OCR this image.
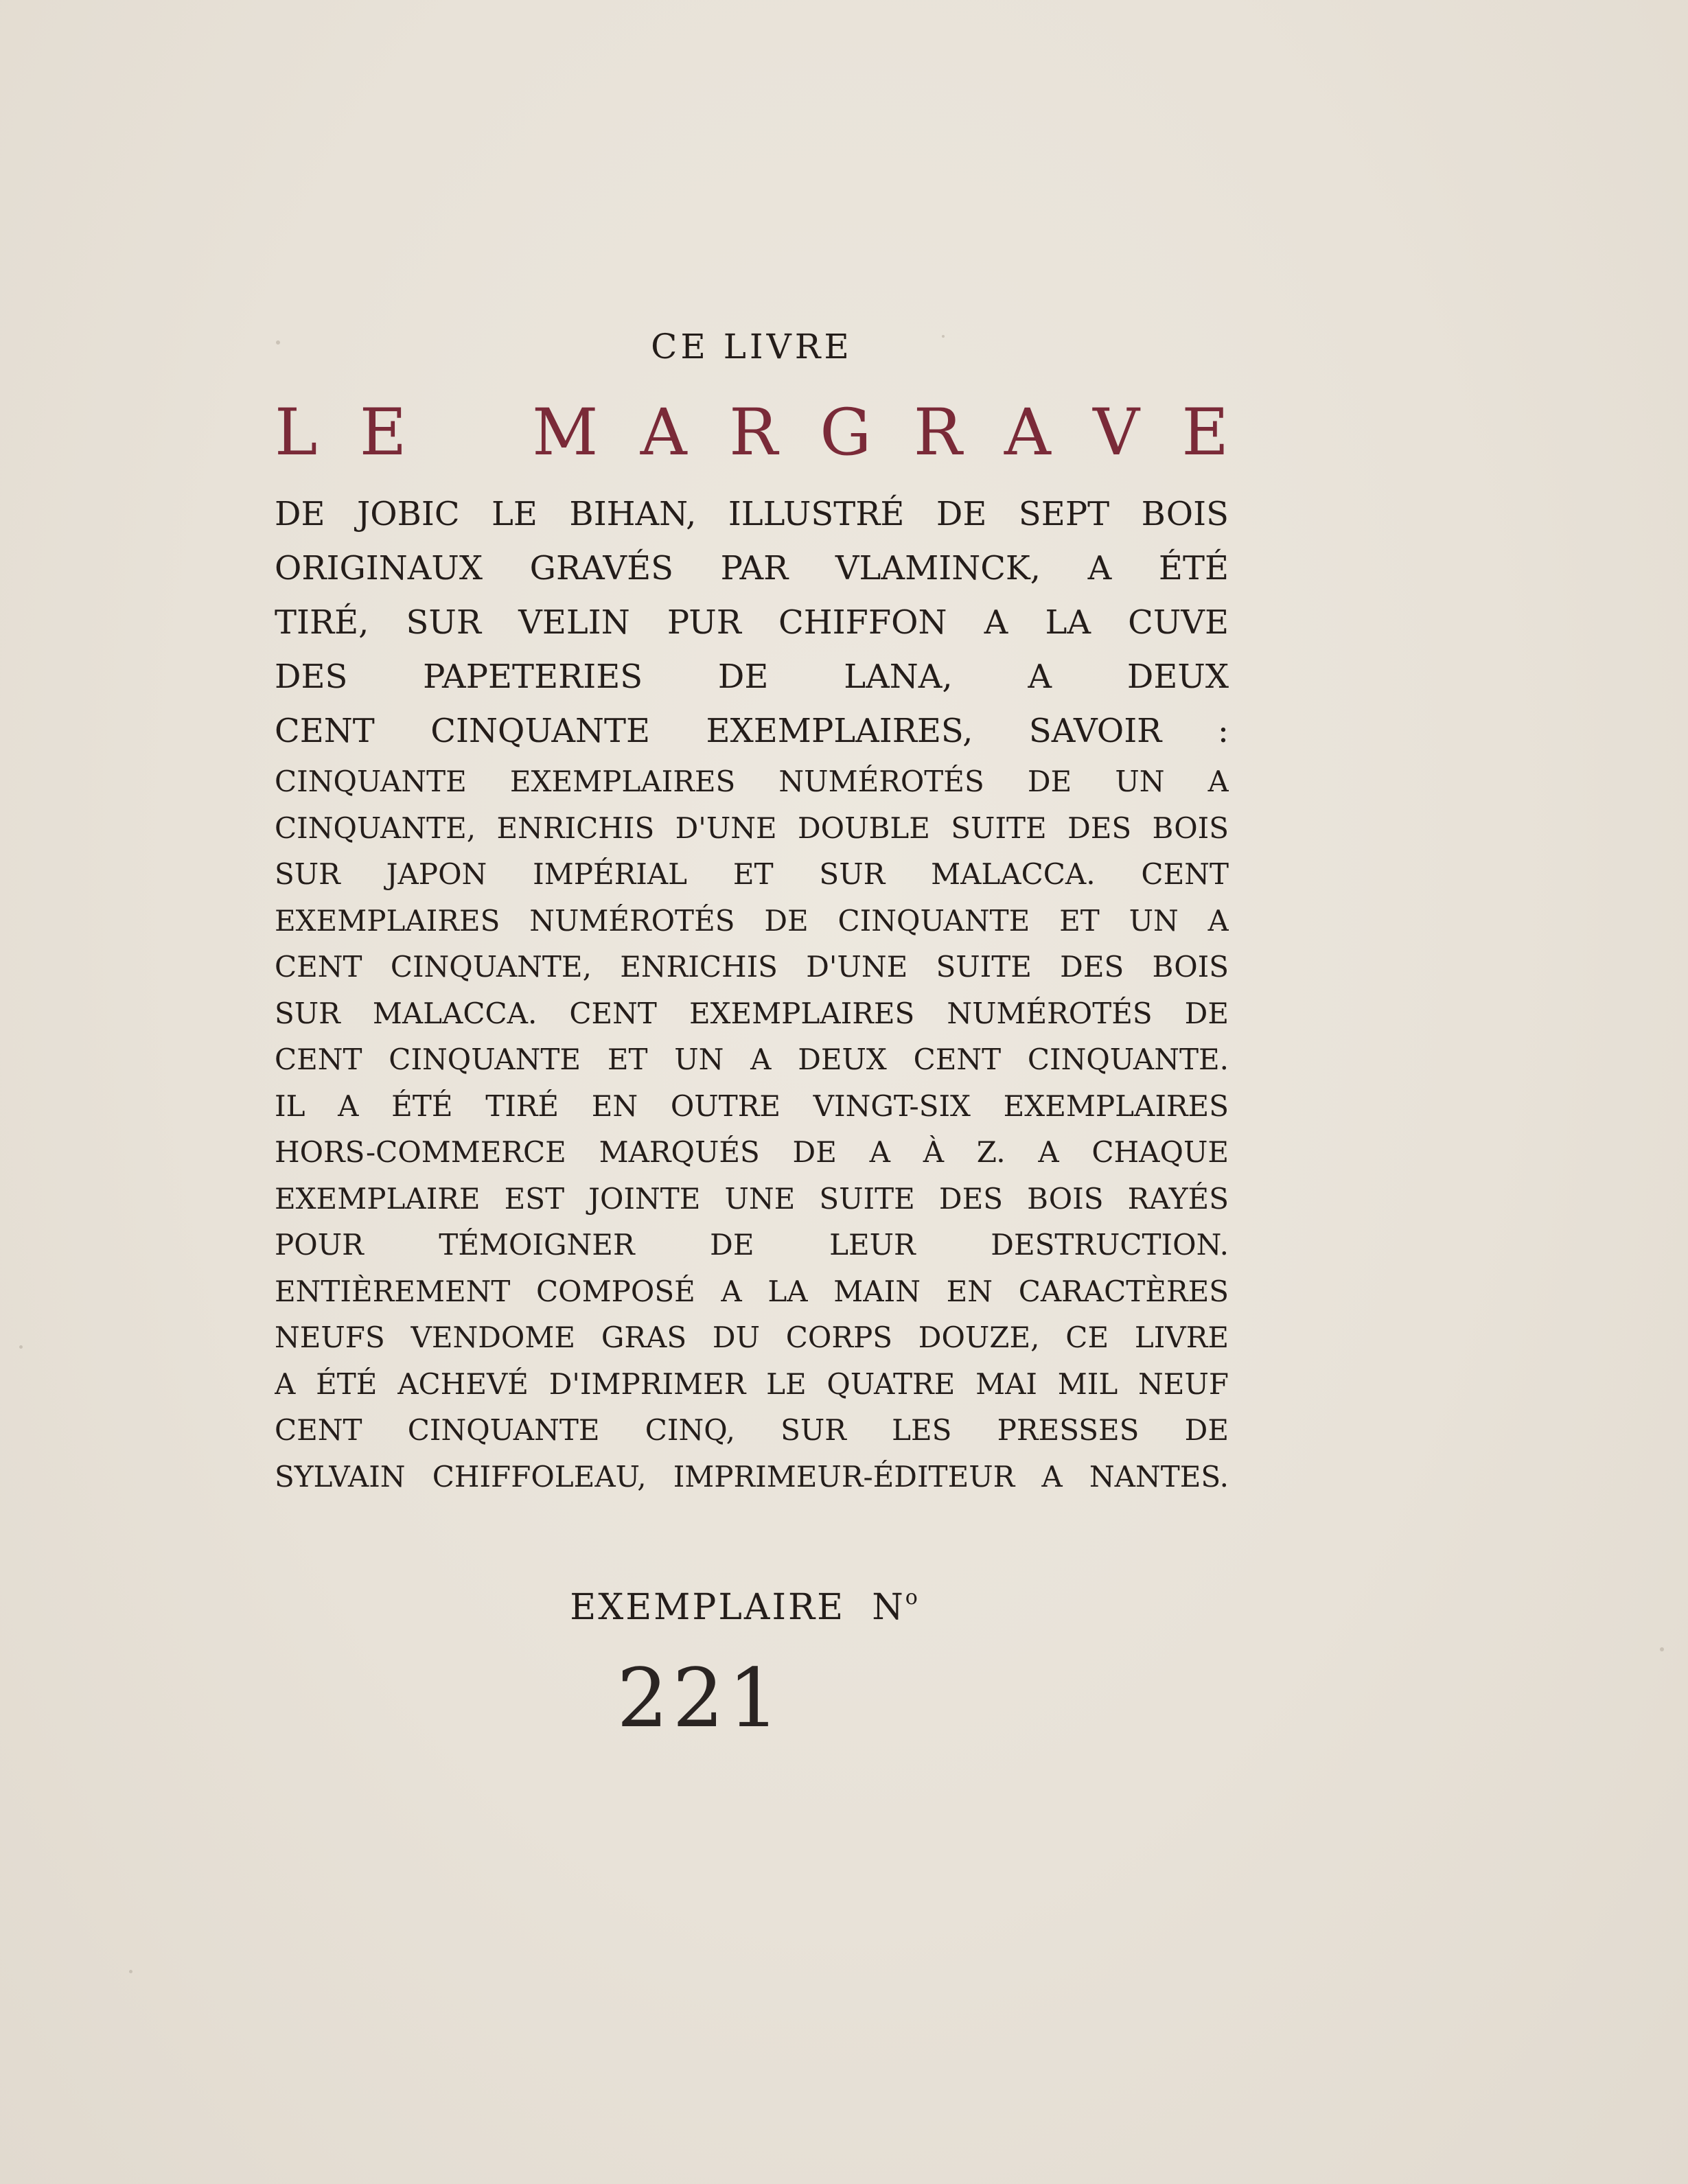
CE LIVRE
L E M A R G R A V E
DE JOBIC LE BIHAN, ILLUSTRÉ DE SEPT BOIS
ORIGINAUX GRAVÉS PAR VLAMINCK, A ÉTÉ
TIRÉ, SUR VELIN PUR CHIFFON A LA CUVE
DES PAPETERIES DE LANA, A DEUX
CENT CINQUANTE EXEMPLAIRES, SAVOIR :
CINQUANTE EXEMPLAIRES NUMÉROTÉS DE UN A
CINQUANTE, ENRICHIS D'UNE DOUBLE SUITE DES BOIS
SUR JAPON IMPÉRIAL ET SUR MALACCA. CENT
EXEMPLAIRES NUMÉROTÉS DE CINQUANTE ET UN A
CENT CINQUANTE, ENRICHIS D'UNE SUITE DES BOIS
SUR MALACCA. CENT EXEMPLAIRES NUMÉROTÉS DE
CENT CINQUANTE ET UN A DEUX CENT CINQUANTE.
IL A ÉTÉ TIRÉ EN OUTRE VINGT-SIX EXEMPLAIRES
HORS-COMMERCE MARQUÉS DE A À Z. A CHAQUE
EXEMPLAIRE EST JOINTE UNE SUITE DES BOIS RAYÉS
POUR TÉMOIGNER DE LEUR DESTRUCTION.
ENTIÈREMENT COMPOSÉ A LA MAIN EN CARACTÈRES
NEUFS VENDOME GRAS DU CORPS DOUZE, CE LIVRE
A ÉTÉ ACHEVÉ D'IMPRIMER LE QUATRE MAI MIL NEUF
CENT CINQUANTE CINQ, SUR LES PRESSES DE
SYLVAIN CHIFFOLEAU, IMPRIMEUR-ÉDITEUR A NANTES.
EXEMPLAIRE $N^o$
221
